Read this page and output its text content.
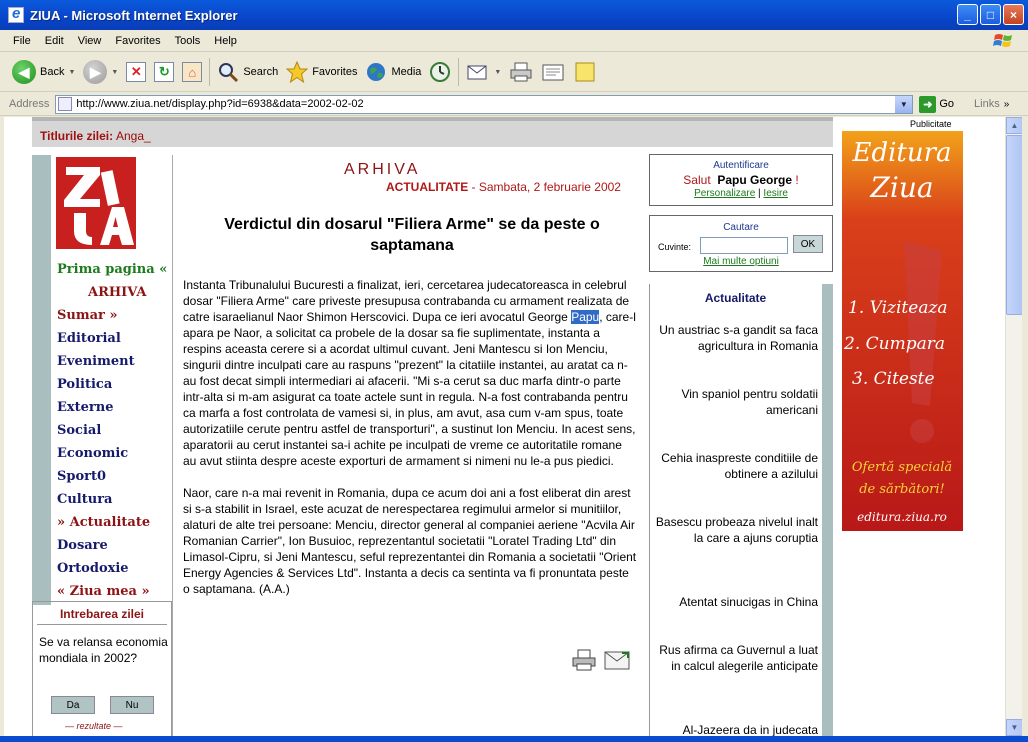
e
ZIUA - Microsoft Internet Explorer	_	□	×
File	Edit	View	Favorites	Tools	Help
◀ Back ▼	▶	▼ ✕	↻	⌂	Search	Favorites	Media	▼
Address http://www.ziua.net/display.php?id=6938&data=2002-02-02	▼	➜ Go Links »
Titlurile zilei: Anga_
Publicitate
Prima pagina «
ARHIVA
Sumar »
Editorial
Eveniment
Politica
Externe
Social
Economic
Sport0
Cultura
» Actualitate
Dosare
Ortodoxie
« Ziua mea »
Intrebarea zilei
Se va relansa economia mondiala in 2002?
Da	Nu
— rezultate —
ARHIVA
ACTUALITATE - Sambata, 2 februarie 2002
Verdictul din dosarul "Filiera Arme" se da peste o saptamana

Instanta Tribunalului Bucuresti a finalizat, ieri, cercetarea judecatoreasca in celebrul dosar "Filiera Arme" care priveste presupusa contrabanda cu armament realizata de catre isaraelianul Naor Shimon Herscovici. Dupa ce ieri avocatul George Papu, care-l apara pe Naor, a solicitat ca probele de la dosar sa fie suplimentate, instanta a respins aceasta cerere si a acordat ultimul cuvant. Jeni Mantescu si Ion Menciu, singurii dintre inculpati care au raspuns "prezent" la citatiile instantei, au aratat ca n-au fost decat simpli intermediari ai afacerii. "Mi s-a cerut sa duc marfa dintr-o parte intr-alta si m-am asigurat ca toate actele sunt in regula. N-a fost contrabanda pentru ca marfa a fost controlata de vamesi si, in plus, am avut, asa cum v-am spus, toate autorizatiile cerute pentru astfel de transporturi", a sustinut Ion Menciu. In acest sens, aparatorii au cerut instantei sa-i achite pe inculpati de vreme ce autoritatile romane au avut stiinta despre aceste exporturi de armament si nimeni nu le-a pus piedici.

Naor, care n-a mai revenit in Romania, dupa ce acum doi ani a fost eliberat din arest si s-a stabilit in Israel, este acuzat de nerespectarea regimului armelor si munitiilor, alaturi de alte trei persoane: Menciu, director general al companiei aeriene "Acvila Air Romanian Carrier", Ion Busuioc, reprezentantul societatii "Loratel Trading Ltd" din Limasol-Cipru, si Jeni Mantescu, seful reprezentantei din Romania a societatii "Orient Energy Agencies & Services Ltd". Instanta a decis ca sentinta va fi pronuntata peste o saptamana. (A.A.)

Autentificare
Salut Papu George !
Personalizare | Iesire
Cautare
Cuvinte:	OK
Mai multe optiuni
Actualitate
Un austriac s-a gandit sa faca agricultura in Romania
Vin spaniol pentru soldatii americani
Cehia inaspreste conditiile de obtinere a azilului
Basescu probeaza nivelul inalt la care a ajuns coruptia
Atentat sinucigas in China
Rus afirma ca Guvernul a luat in calcul alegerile anticipate
Al-Jazeera da in judecata
Editura
Ziua
1. Viziteaza
2. Cumpara
3. Citeste
Ofertă specială
de sărbători!
editura.ziua.ro
▲
▼
